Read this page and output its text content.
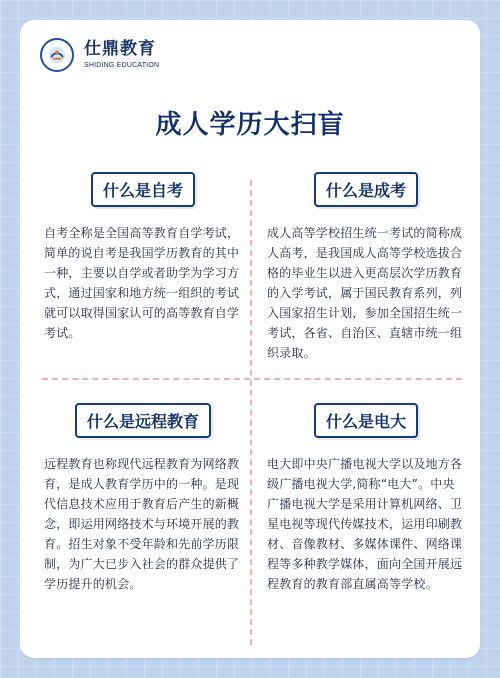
仕鼎教育
SHIDING EDUCATION
成人学历大扫盲
什么是自考
自考全称是全国高等教育自学考试，简单的说自考是我国学历教育的其中一种，主要以自学或者助学为学习方式，通过国家和地方统一组织的考试就可以取得国家认可的高等教育自学考试。
什么是成考
成人高等学校招生统一考试的简称成人高考，是我国成人高等学校选拔合格的毕业生以进入更高层次学历教育的入学考试，属于国民教育系列，列入国家招生计划，参加全国招生统一考试，各省、自治区、直辖市统一组织录取。
什么是远程教育
远程教育也称现代远程教育为网络教育，是成人教育学历中的一种。是现代信息技术应用于教育后产生的新概念，即运用网络技术与环境开展的教育。招生对象不受年龄和先前学历限制，为广大已步入社会的群众提供了学历提升的机会。
什么是电大
电大即中央广播电视大学以及地方各级广播电视大学,简称“电大”。中央广播电视大学是采用计算机网络、卫星电视等现代传媒技术，运用印刷教材、音像教材、多媒体课件、网络课程等多种教学媒体，面向全国开展远程教育的教育部直属高等学校。
知乎 @Whitney
